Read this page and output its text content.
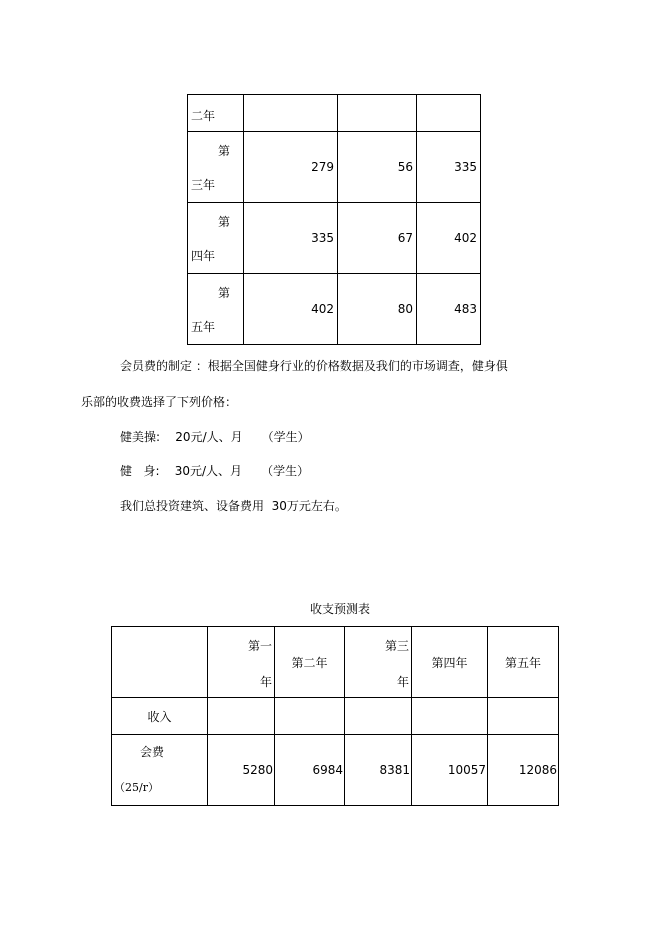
二年			

第
三年	279	56	335

第
四年	335	67	402

第
五年	402	80	483
会员费的制定 ：根据全国健身行业的价格数据及我们的市场调查，健身俱
乐部的收费选择了下列价格：
健美操:    20元/人、月     （学生）
健   身:    30元/人、月     （学生）
我们总投资建筑、设备费用  30万元左右。
收支预测表

	第一
年	第二年	第三
年	第四年	第五年
收入					

会费
（25/r）	5280	6984	8381	10057	12086
